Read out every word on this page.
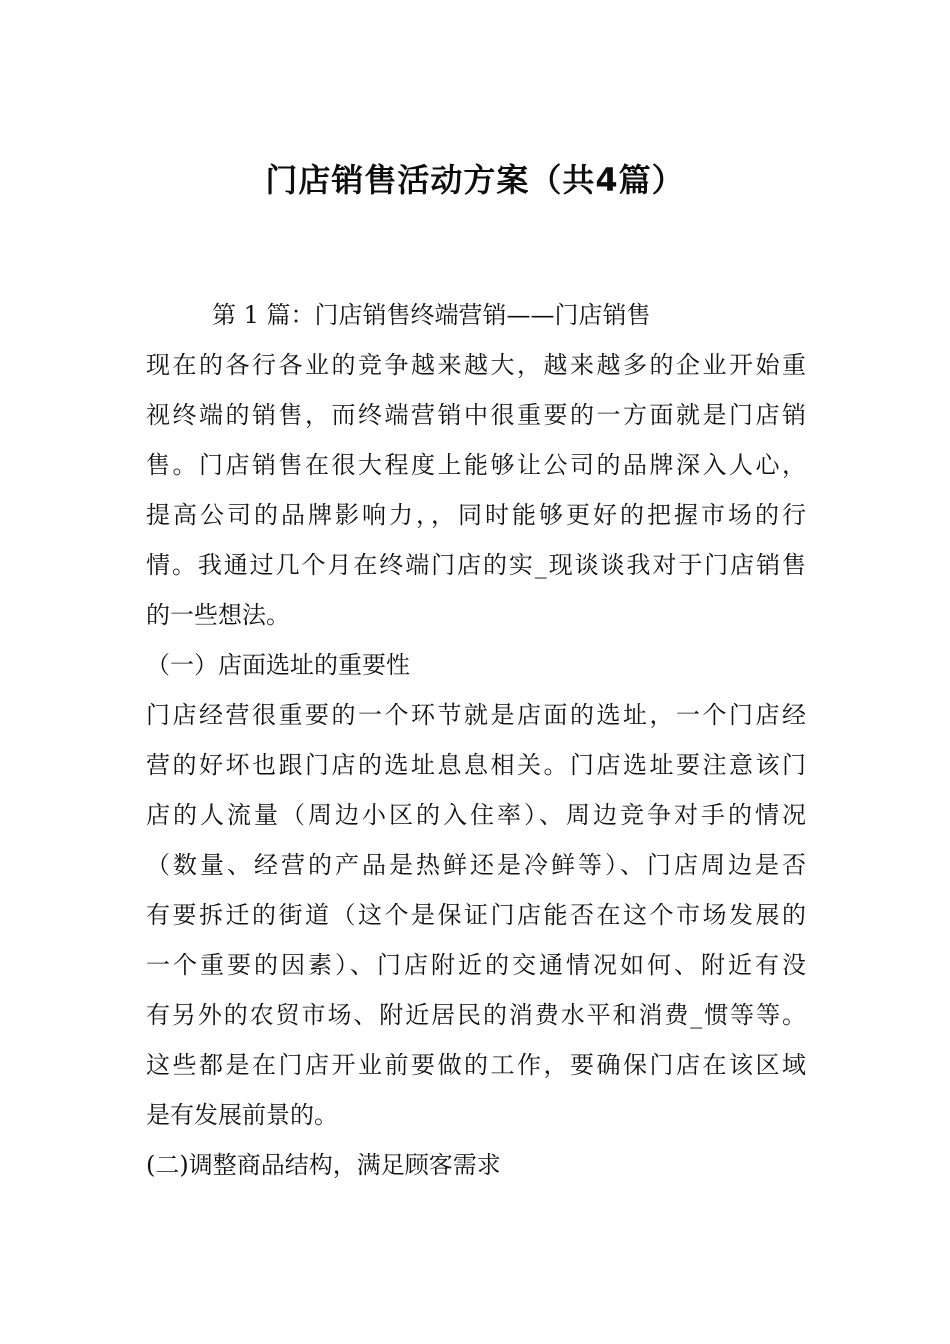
门店销售活动方案（共4篇）

第 1 篇：门店销售终端营销——门店销售

现在的各行各业的竞争越来越大，越来越多的企业开始重

视终端的销售，而终端营销中很重要的一方面就是门店销

售。门店销售在很大程度上能够让公司的品牌深入人心，

提高公司的品牌影响力，，同时能够更好的把握市场的行

情。我通过几个月在终端门店的实_现谈谈我对于门店销售

的一些想法。

（一）店面选址的重要性

门店经营很重要的一个环节就是店面的选址，一个门店经

营的好坏也跟门店的选址息息相关。门店选址要注意该门

店的人流量（周边小区的入住率）、周边竞争对手的情况

（数量、经营的产品是热鲜还是冷鲜等）、门店周边是否

有要拆迁的街道（这个是保证门店能否在这个市场发展的

一个重要的因素）、门店附近的交通情况如何、附近有没

有另外的农贸市场、附近居民的消费水平和消费_惯等等。

这些都是在门店开业前要做的工作，要确保门店在该区域

是有发展前景的。

(二)调整商品结构，满足顾客需求
